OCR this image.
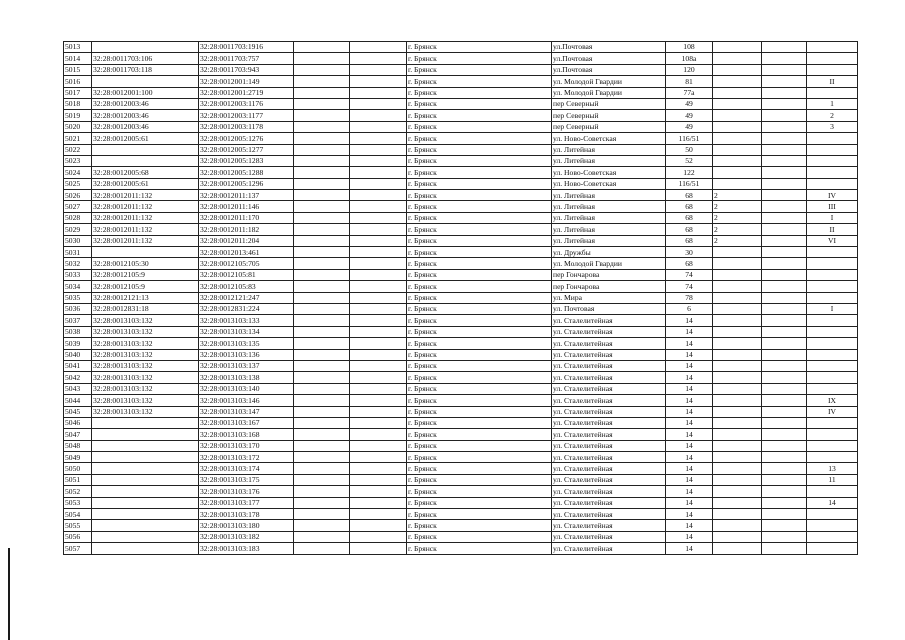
5013		32:28:0011703:1916			г. Брянск	ул.Почтовая	108			
5014	32:28:0011703:106	32:28:0011703:757			г. Брянск	ул.Почтовая	108а			
5015	32:28:0011703:118	32:28:0011703:943			г. Брянск	ул.Почтовая	120			
5016		32:28:0012001:149			г. Брянск	ул. Молодой Гвардии	81			II
5017	32:28:0012001:100	32:28:0012001:2719			г. Брянск	ул. Молодой Гвардии	77а			
5018	32:28:0012003:46	32:28:0012003:1176			г. Брянск	пер Северный	49			1
5019	32:28:0012003:46	32:28:0012003:1177			г. Брянск	пер Северный	49			2
5020	32:28:0012003:46	32:28:0012003:1178			г. Брянск	пер Северный	49			3
5021	32:28:0012005:61	32:28:0012005:1276			г. Брянск	ул. Ново-Советская	116/51			
5022		32:28:0012005:1277			г. Брянск	ул. Литейная	50			
5023		32:28:0012005:1283			г. Брянск	ул. Литейная	52			
5024	32:28:0012005:68	32:28:0012005:1288			г. Брянск	ул. Ново-Советская	122			
5025	32:28:0012005:61	32:28:0012005:1296			г. Брянск	ул. Ново-Советская	116/51			
5026	32:28:0012011:132	32:28:0012011:137			г. Брянск	ул. Литейная	68	2		IV
5027	32:28:0012011:132	32:28:0012011:146			г. Брянск	ул. Литейная	68	2		III
5028	32:28:0012011:132	32:28:0012011:170			г. Брянск	ул. Литейная	68	2		I
5029	32:28:0012011:132	32:28:0012011:182			г. Брянск	ул. Литейная	68	2		II
5030	32:28:0012011:132	32:28:0012011:204			г. Брянск	ул. Литейная	68	2		VI
5031		32:28:0012013:461			г. Брянск	ул. Дружбы	30			
5032	32:28:0012105:30	32:28:0012105:705			г. Брянск	ул. Молодой Гвардии	68			
5033	32:28:0012105:9	32:28:0012105:81			г. Брянск	пер Гончарова	74			
5034	32:28:0012105:9	32:28:0012105:83			г. Брянск	пер Гончарова	74			
5035	32:28:0012121:13	32:28:0012121:247			г. Брянск	ул. Мира	78			
5036	32:28:0012831:18	32:28:0012831:224			г. Брянск	ул. Почтовая	6			I
5037	32:28:0013103:132	32:28:0013103:133			г. Брянск	ул. Сталелитейная	14			
5038	32:28:0013103:132	32:28:0013103:134			г. Брянск	ул. Сталелитейная	14			
5039	32:28:0013103:132	32:28:0013103:135			г. Брянск	ул. Сталелитейная	14			
5040	32:28:0013103:132	32:28:0013103:136			г. Брянск	ул. Сталелитейная	14			
5041	32:28:0013103:132	32:28:0013103:137			г. Брянск	ул. Сталелитейная	14			
5042	32:28:0013103:132	32:28:0013103:138			г. Брянск	ул. Сталелитейная	14			
5043	32:28:0013103:132	32:28:0013103:140			г. Брянск	ул. Сталелитейная	14			
5044	32:28:0013103:132	32:28:0013103:146			г. Брянск	ул. Сталелитейная	14			IX
5045	32:28:0013103:132	32:28:0013103:147			г. Брянск	ул. Сталелитейная	14			IV
5046		32:28:0013103:167			г. Брянск	ул. Сталелитейная	14			
5047		32:28:0013103:168			г. Брянск	ул. Сталелитейная	14			
5048		32:28:0013103:170			г. Брянск	ул. Сталелитейная	14			
5049		32:28:0013103:172			г. Брянск	ул. Сталелитейная	14			
5050		32:28:0013103:174			г. Брянск	ул. Сталелитейная	14			13
5051		32:28:0013103:175			г. Брянск	ул. Сталелитейная	14			11
5052		32:28:0013103:176			г. Брянск	ул. Сталелитейная	14			
5053		32:28:0013103:177			г. Брянск	ул. Сталелитейная	14			14
5054		32:28:0013103:178			г. Брянск	ул. Сталелитейная	14			
5055		32:28:0013103:180			г. Брянск	ул. Сталелитейная	14			
5056		32:28:0013103:182			г. Брянск	ул. Сталелитейная	14			
5057		32:28:0013103:183			г. Брянск	ул. Сталелитейная	14			
